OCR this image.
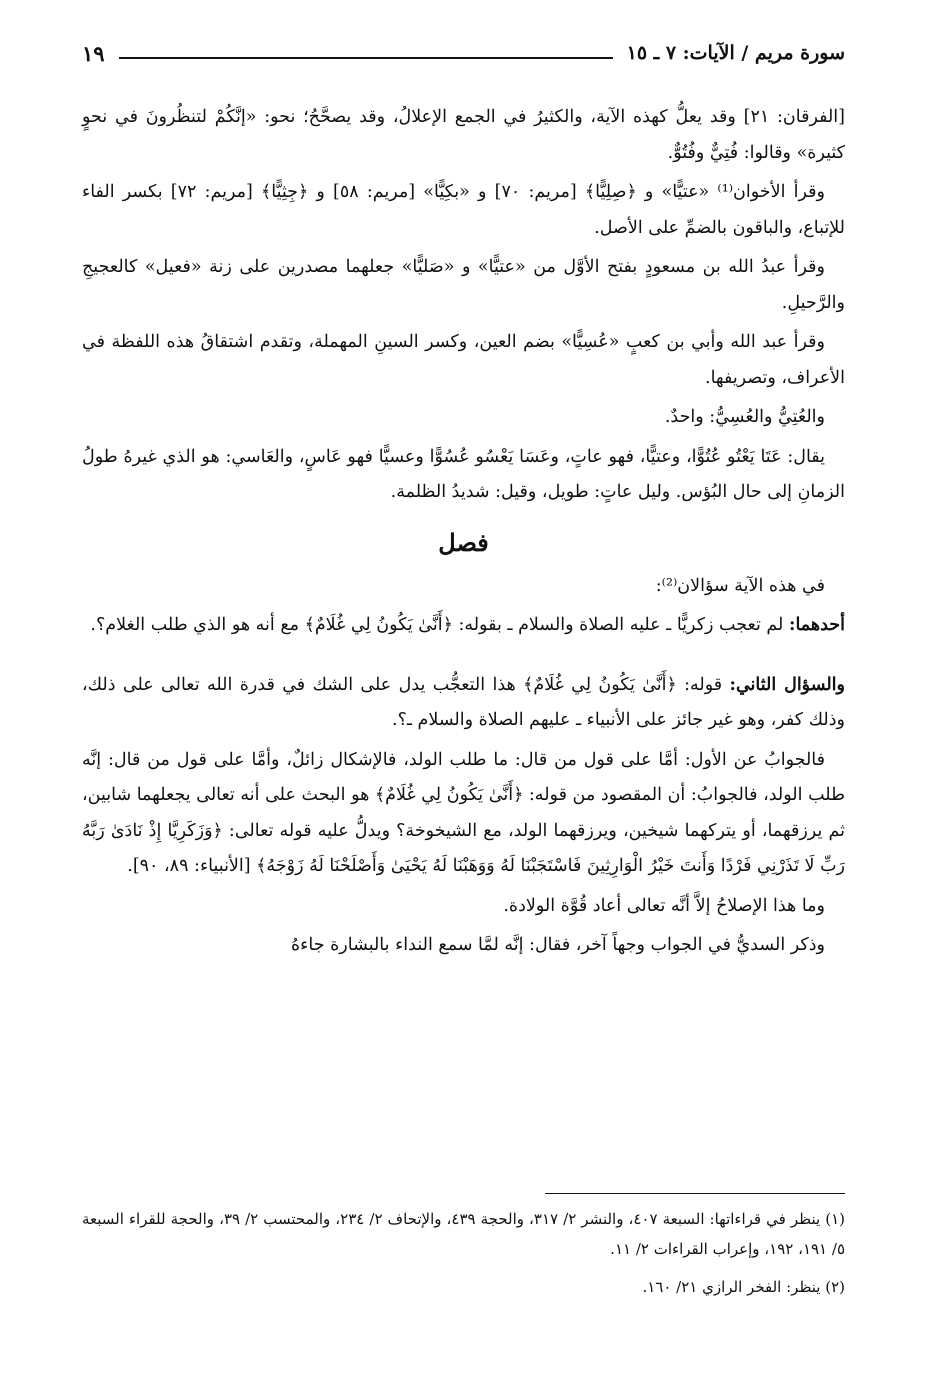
سورة مريم / الآيات: ٧ ـ ١٥
١٩

[الفرقان: ٢١] وقد يعلُّ كهذه الآية، والكثيرُ في الجمع الإعلالُ، وقد يصحَّحُ؛ نحو: «إنَّكُمْ لتنظُرونَ في نحوٍ كثيرة» وقالوا: فُتِيٌّ وفُتُوٌّ.

وقرأ الأخوان⁽¹⁾ «عتيًّا» و ﴿صِلِيًّا﴾ [مريم: ٧٠] و «بكِيًّا» [مريم: ٥٨] و ﴿جِثِيًّا﴾ [مريم: ٧٢] بكسر الفاء للإتباع، والباقون بالضمِّ على الأصل.

وقرأ عبدُ الله بن مسعودٍ بفتح الأوَّل من «عتيًّا» و «صَليًّا» جعلهما مصدرين على زنة «فعيل» كالعجيجِ والرَّحيلِ.

وقرأ عبد الله وأبي بن كعبٍ «عُسِيًّا» بضم العين، وكسر السينِ المهملة، وتقدم اشتقاقُ هذه اللفظة في الأعراف، وتصريفها.

والعُتِيُّ والعُسِيُّ: واحدٌ.

يقال: عَتَا يَعْتُو عُتُوًّا، وعتيًّا، فهو عاتٍ، وعَسَا يَعْسُو عُسُوًّا وعسيًّا فهو عَاسٍ، والعَاسي: هو الذي غيرهُ طولُ الزمانِ إلى حال البُؤس. وليل عاتٍ: طويل، وقيل: شديدُ الظلمة.

فصل

في هذه الآية سؤالان⁽²⁾:

أحدهما: لم تعجب زكريًّا ـ عليه الصلاة والسلام ـ بقوله: ﴿أَنَّىٰ يَكُونُ لِي غُلَامٌ﴾ مع أنه هو الذي طلب الغلام؟.

والسؤال الثاني: قوله: ﴿أَنَّىٰ يَكُونُ لِي غُلَامٌ﴾ هذا التعجُّب يدل على الشك في قدرة الله تعالى على ذلك، وذلك كفر، وهو غير جائز على الأنبياء ـ عليهم الصلاة والسلام ـ؟.

فالجوابُ عن الأول: أمَّا على قول من قال: ما طلب الولد، فالإشكال زائلٌ، وأمَّا على قول من قال: إنَّه طلب الولد، فالجوابُ: أن المقصود من قوله: ﴿أَنَّىٰ يَكُونُ لِي غُلَامٌ﴾ هو البحث على أنه تعالى يجعلهما شابين، ثم يرزقهما، أو يتركهما شيخين، ويرزقهما الولد، مع الشيخوخة؟ ويدلُّ عليه قوله تعالى: ﴿وَزَكَرِيَّا إِذْ نَادَىٰ رَبَّهُ رَبِّ لَا تَذَرْنِي فَرْدًا وَأَنتَ خَيْرُ الْوَارِثِينَ فَاسْتَجَبْنَا لَهُ وَوَهَبْنَا لَهُ يَحْيَىٰ وَأَصْلَحْنَا لَهُ زَوْجَهُ﴾ [الأنبياء: ٨٩، ٩٠].

وما هذا الإصلاحُ إلاَّ أنَّه تعالى أعاد قُوَّة الولادة.

وذكر السديُّ في الجواب وجهاً آخر، فقال: إنَّه لمَّا سمع النداء بالبشارة جاءهُ

(١) ينظر في قراءاتها: السبعة ٤٠٧، والنشر ٢/ ٣١٧، والحجة ٤٣٩، والإتحاف ٢/ ٢٣٤، والمحتسب ٢/ ٣٩، والحجة للقراء السبعة ٥/ ١٩١، ١٩٢، وإعراب القراءات ٢/ ١١.

(٢) ينظر: الفخر الرازي ٢١/ ١٦٠.
